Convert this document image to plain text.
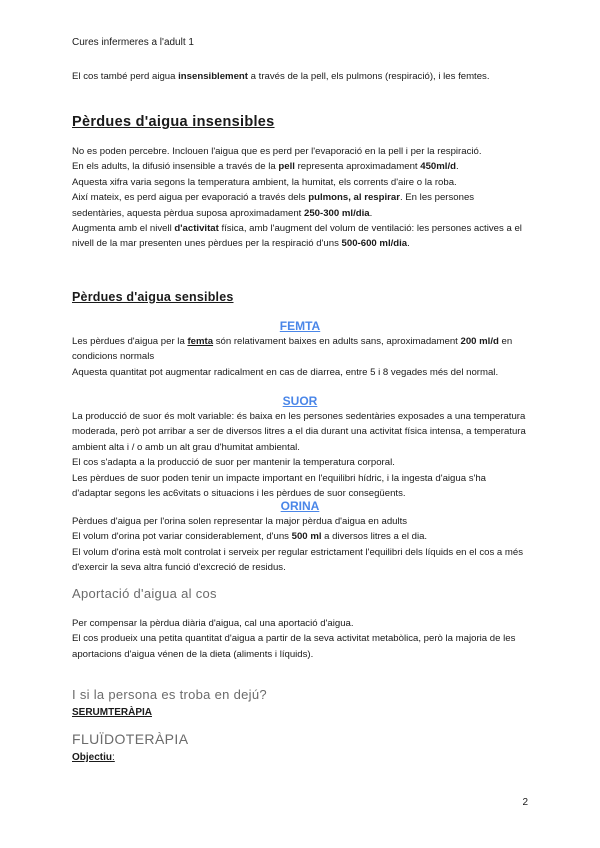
Cures infermeres a l'adult 1

El cos també perd aigua insensiblement a través de la pell, els pulmons (respiració), i les femtes.

Pèrdues d'aigua insensibles

No es poden percebre. Inclouen l'aigua que es perd per l'evaporació en la pell i per la respiració.

En els adults, la difusió insensible a través de la pell representa aproximadament 450ml/d.

Aquesta xifra varia segons la temperatura ambient, la humitat, els corrents d'aire o la roba.

Així mateix, es perd aigua per evaporació a través dels pulmons, al respirar. En les persones sedentàries, aquesta pèrdua suposa aproximadament 250-300 ml/dia.

Augmenta amb el nivell d'activitat física, amb l'augment del volum de ventilació: les persones actives a el nivell de la mar presenten unes pèrdues per la respiració d'uns 500-600 ml/dia.

Pèrdues d'aigua sensibles
FEMTA

Les pèrdues d'aigua per la femta són relativament baixes en adults sans, aproximadament 200 ml/d en condicions normals

Aquesta quantitat pot augmentar radicalment en cas de diarrea, entre 5 i 8 vegades més del normal.

SUOR

La producció de suor és molt variable: és baixa en les persones sedentàries exposades a una temperatura moderada, però pot arribar a ser de diversos litres a el dia durant una activitat física intensa, a temperatura ambient alta i / o amb un alt grau d'humitat ambiental.

El cos s'adapta a la producció de suor per mantenir la temperatura corporal.

Les pèrdues de suor poden tenir un impacte important en l'equilibri hídric, i la ingesta d'aigua s'ha d'adaptar segons les ac6vitats o situacions i les pèrdues de suor consegüents.

ORINA

Pèrdues d'aigua per l'orina solen representar la major pèrdua d'aigua en adults

El volum d'orina pot variar considerablement, d'uns 500 ml a diversos litres a el dia.

El volum d'orina està molt controlat i serveix per regular estrictament l'equilibri dels líquids en el cos a més d'exercir la seva altra funció d'excreció de residus.

Aportació d'aigua al cos

Per compensar la pèrdua diària d'aigua, cal una aportació d'aigua.

El cos produeix una petita quantitat d'aigua a partir de la seva activitat metabòlica, però la majoria de les aportacions d'aigua vénen de la dieta (aliments i líquids).

I si la persona es troba en dejú?
SERUMTERÀPIA
FLUÏDOTERÀPIA
Objectiu:
2
